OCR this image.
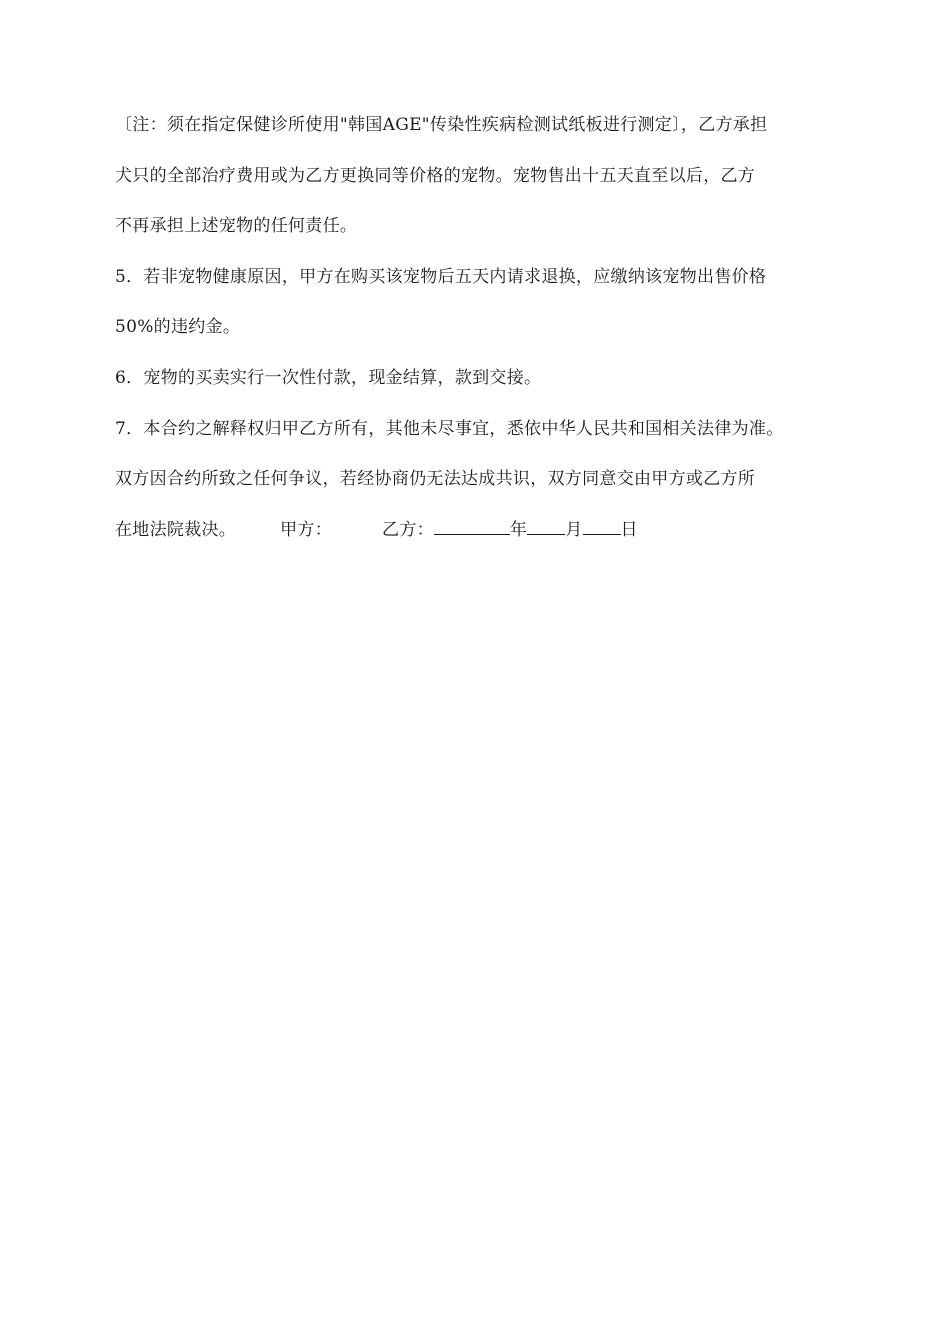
〔注：须在指定保健诊所使用"韩国AGE"传染性疾病检测试纸板进行测定〕，乙方承担
犬只的全部治疗费用或为乙方更换同等价格的宠物。宠物售出十五天直至以后，乙方
不再承担上述宠物的任何责任。
5．若非宠物健康原因，甲方在购买该宠物后五天内请求退换，应缴纳该宠物出售价格
50%的违约金。
6．宠物的买卖实行一次性付款，现金结算，款到交接。
7．本合约之解释权归甲乙方所有，其他未尽事宜，悉依中华人民共和国相关法律为准。
双方因合约所致之任何争议，若经协商仍无法达成共识，双方同意交由甲方或乙方所
在地法院裁决。	甲方：	乙方：	年 月 日
